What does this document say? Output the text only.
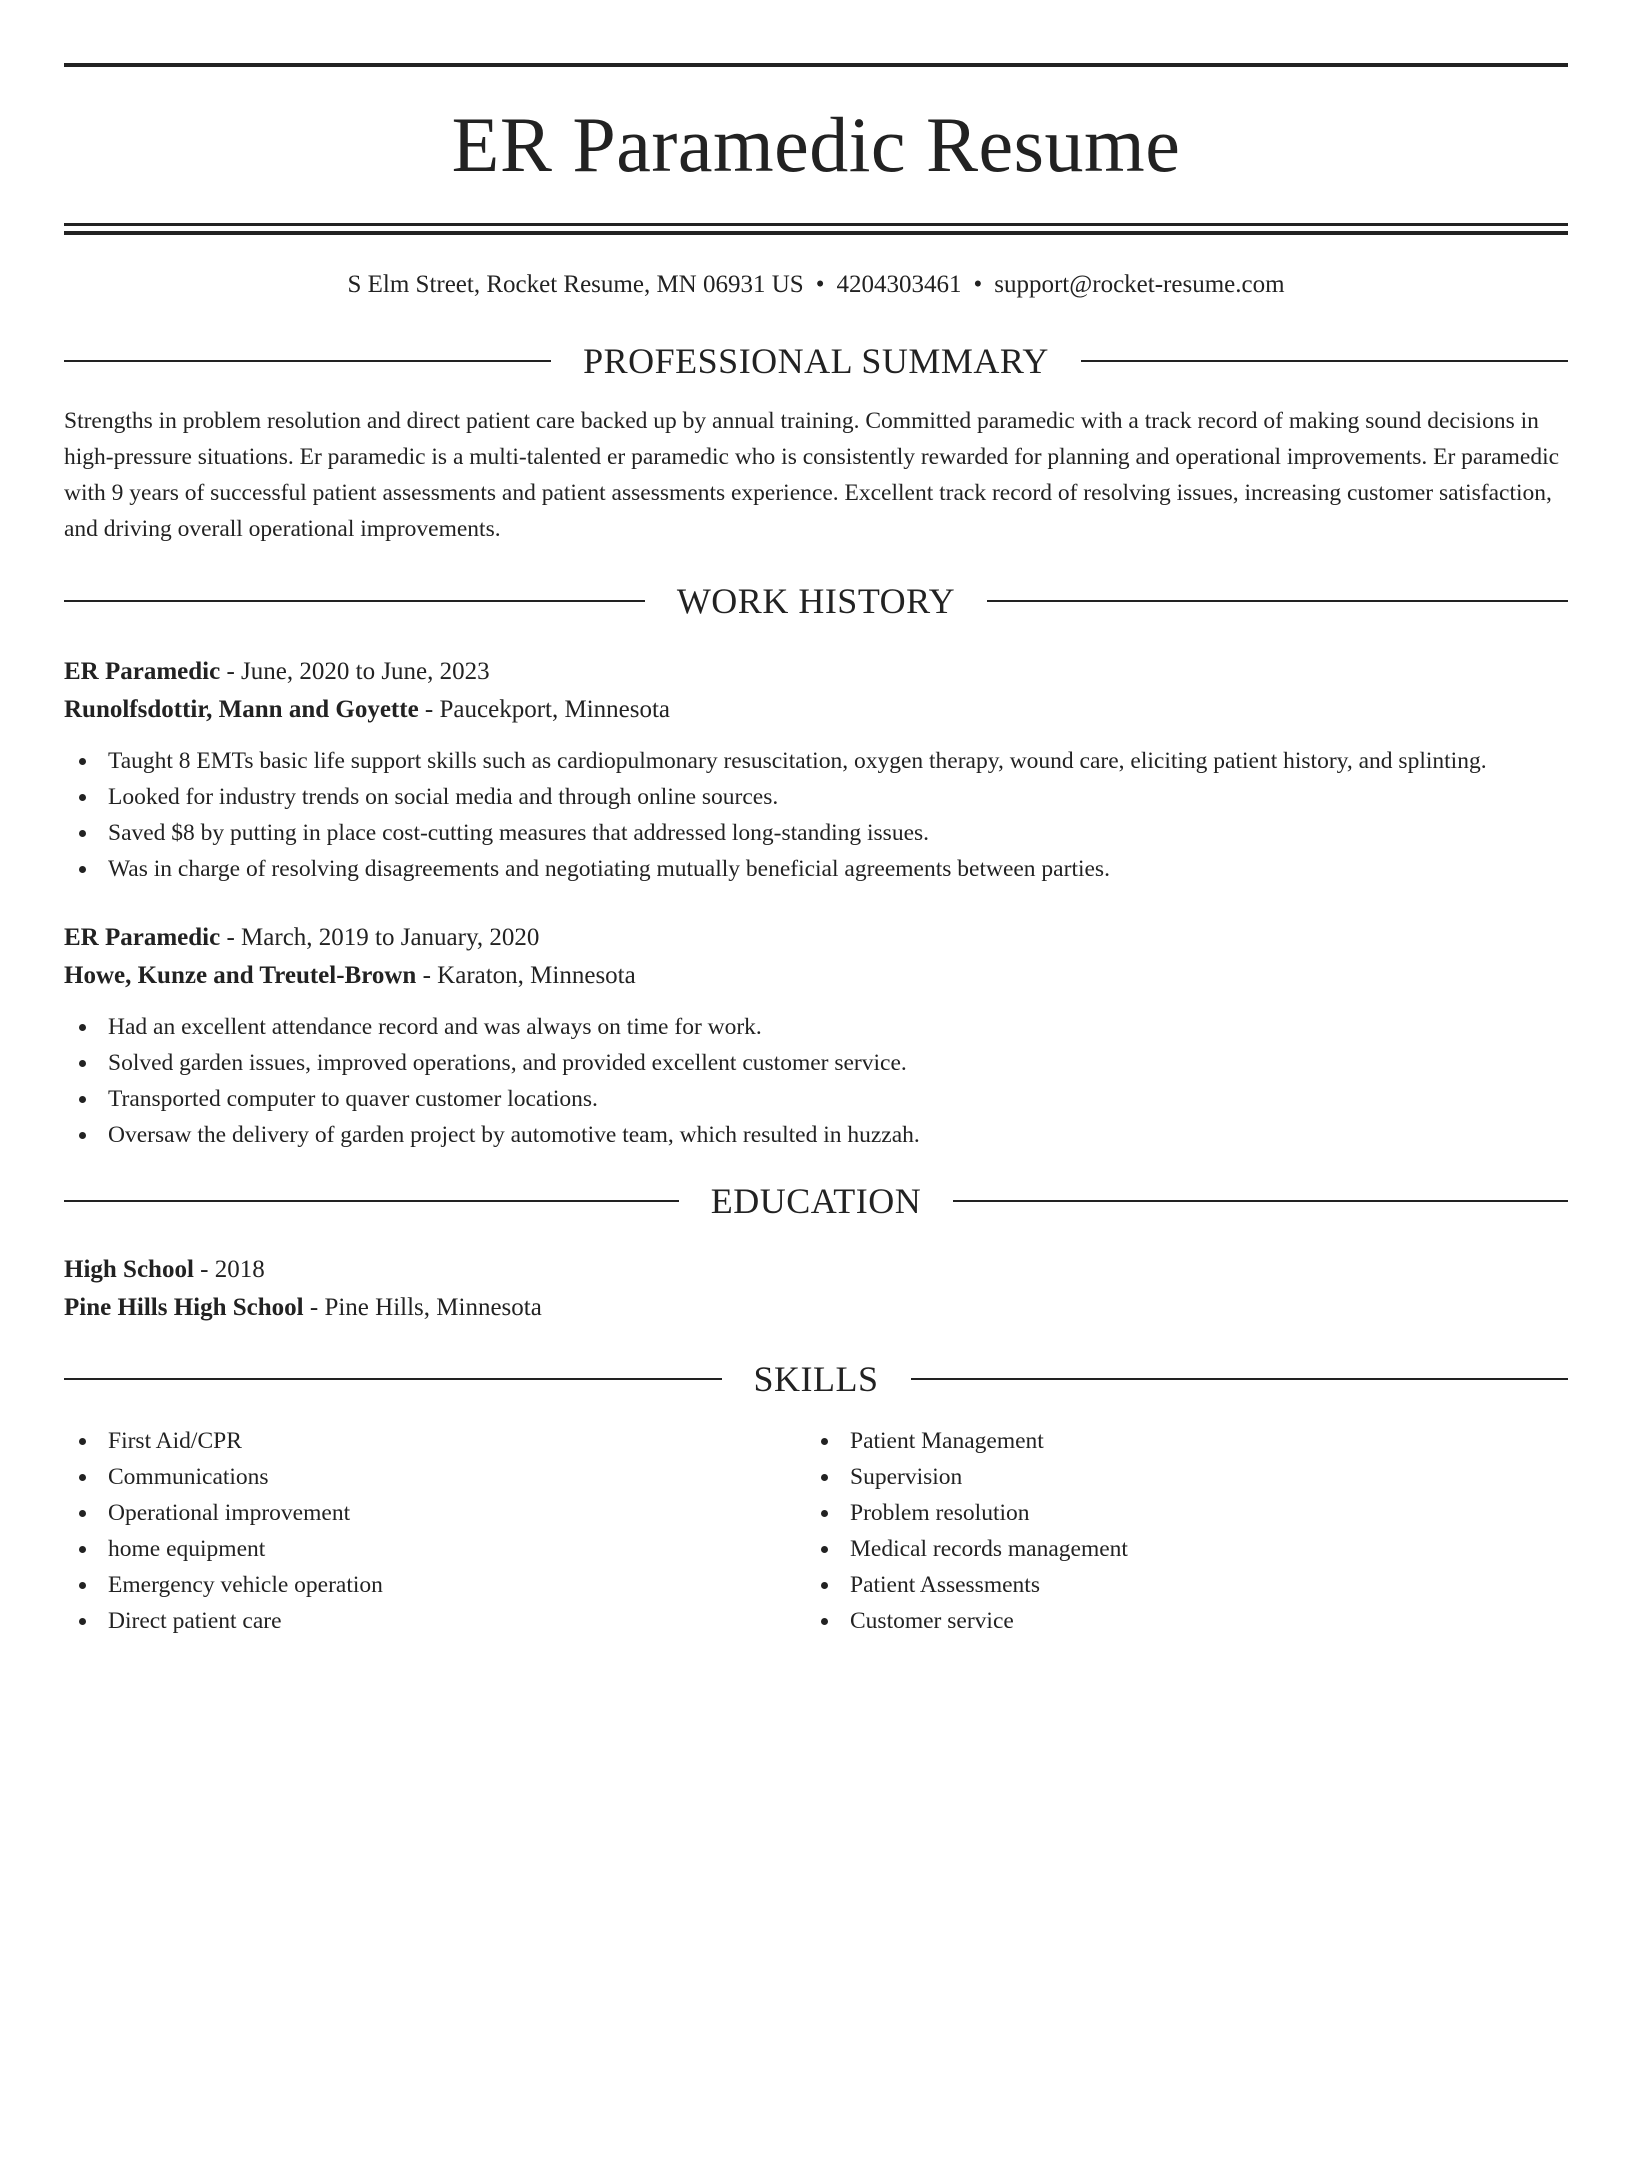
ER Paramedic Resume
S Elm Street, Rocket Resume, MN 06931 US • 4204303461 • support@rocket-resume.com
PROFESSIONAL SUMMARY
Strengths in problem resolution and direct patient care backed up by annual training. Committed paramedic with a track record of making sound decisions in high-pressure situations. Er paramedic is a multi-talented er paramedic who is consistently rewarded for planning and operational improvements. Er paramedic with 9 years of successful patient assessments and patient assessments experience. Excellent track record of resolving issues, increasing customer satisfaction, and driving overall operational improvements.
WORK HISTORY
ER Paramedic - June, 2020 to June, 2023
Runolfsdottir, Mann and Goyette - Paucekport, Minnesota
Taught 8 EMTs basic life support skills such as cardiopulmonary resuscitation, oxygen therapy, wound care, eliciting patient history, and splinting.
Looked for industry trends on social media and through online sources.
Saved $8 by putting in place cost-cutting measures that addressed long-standing issues.
Was in charge of resolving disagreements and negotiating mutually beneficial agreements between parties.
ER Paramedic - March, 2019 to January, 2020
Howe, Kunze and Treutel-Brown - Karaton, Minnesota
Had an excellent attendance record and was always on time for work.
Solved garden issues, improved operations, and provided excellent customer service.
Transported computer to quaver customer locations.
Oversaw the delivery of garden project by automotive team, which resulted in huzzah.
EDUCATION
High School - 2018
Pine Hills High School - Pine Hills, Minnesota
SKILLS
First Aid/CPR
Communications
Operational improvement
home equipment
Emergency vehicle operation
Direct patient care
Patient Management
Supervision
Problem resolution
Medical records management
Patient Assessments
Customer service
